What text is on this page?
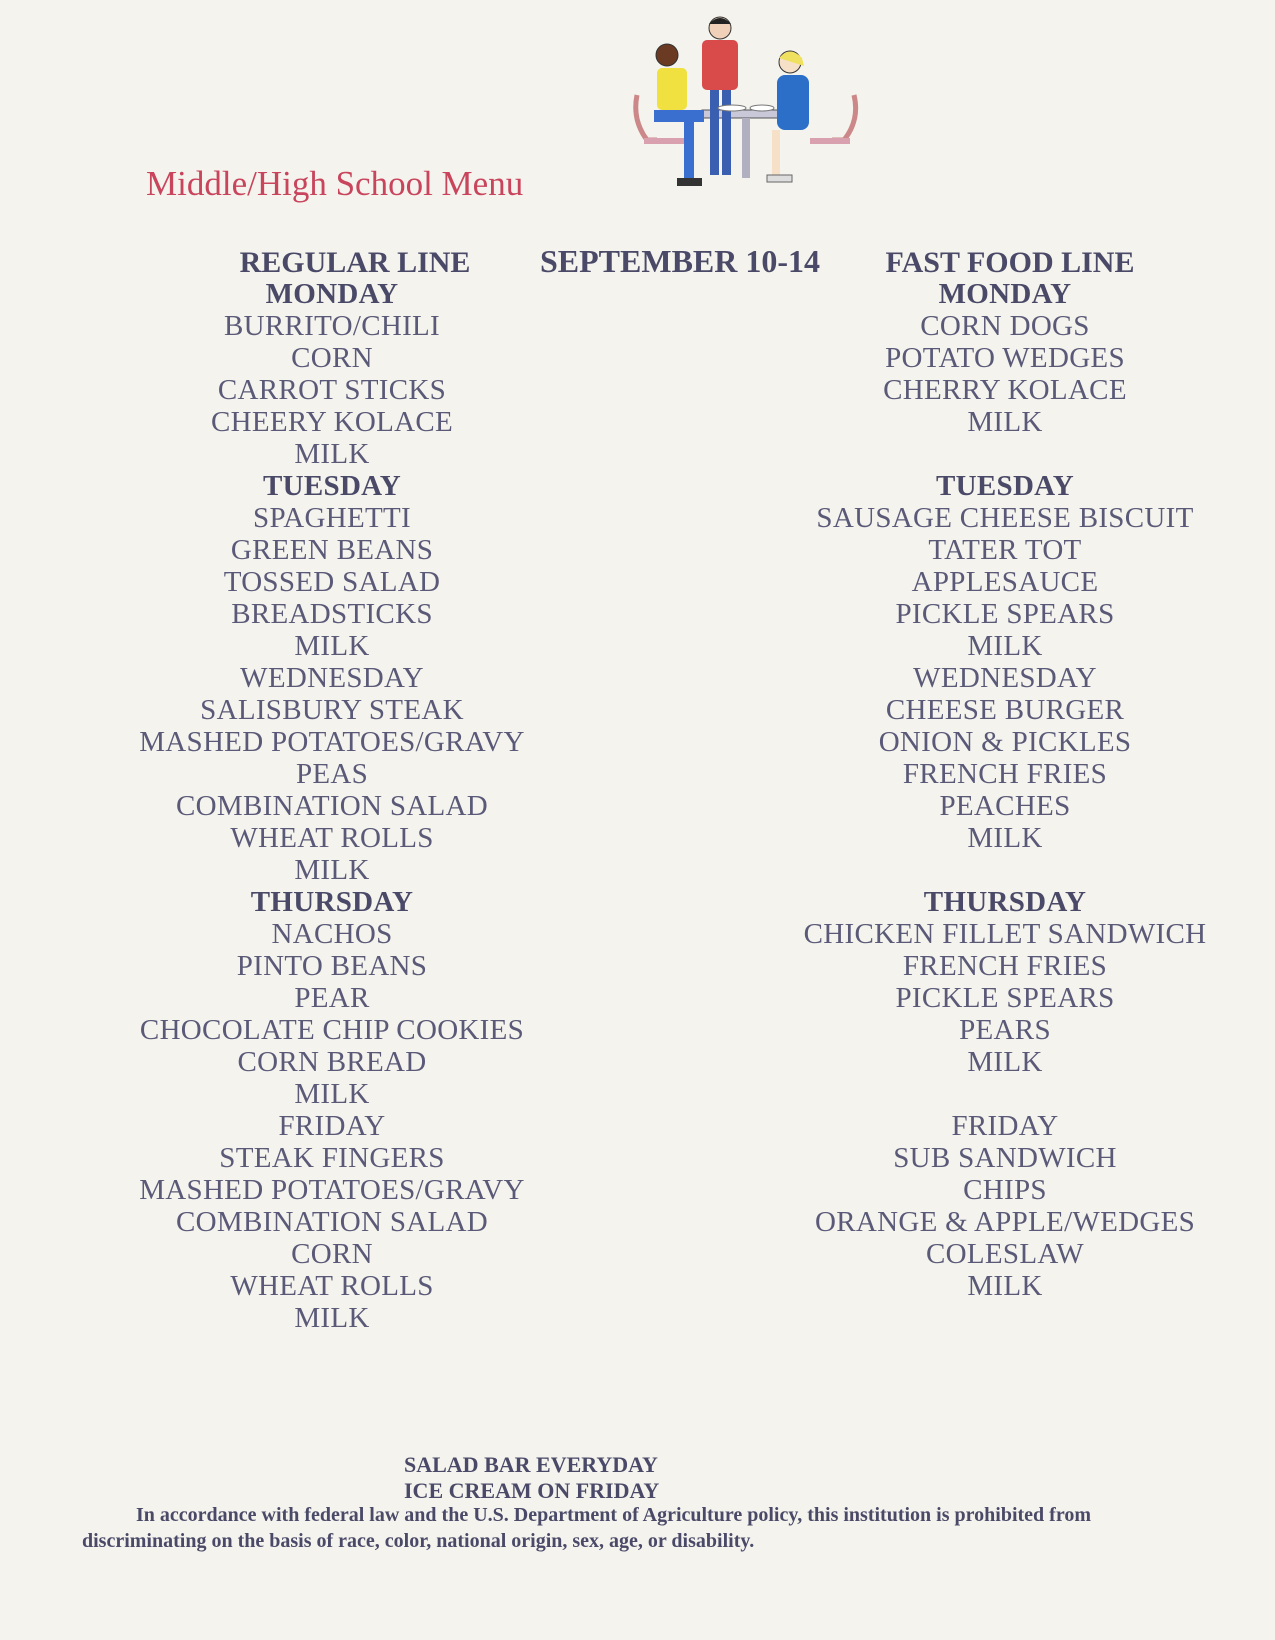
Middle/High School Menu
REGULAR LINE	SEPTEMBER 10-14	FAST FOOD LINE
MONDAY
BURRITO/CHILI
CORN
CARROT STICKS
CHEERY KOLACE
MILK
TUESDAY
SPAGHETTI
GREEN BEANS
TOSSED SALAD
BREADSTICKS
MILK
WEDNESDAY
SALISBURY STEAK
MASHED POTATOES/GRAVY
PEAS
COMBINATION SALAD
WHEAT ROLLS
MILK
THURSDAY
NACHOS
PINTO BEANS
PEAR
CHOCOLATE CHIP COOKIES
CORN BREAD
MILK
FRIDAY
STEAK FINGERS
MASHED POTATOES/GRAVY
COMBINATION SALAD
CORN
WHEAT ROLLS
MILK
MONDAY
CORN DOGS
POTATO WEDGES
CHERRY KOLACE
MILK
TUESDAY
SAUSAGE CHEESE BISCUIT
TATER TOT
APPLESAUCE
PICKLE SPEARS
MILK
WEDNESDAY
CHEESE BURGER
ONION & PICKLES
FRENCH FRIES
PEACHES
MILK
THURSDAY
CHICKEN FILLET SANDWICH
FRENCH FRIES
PICKLE SPEARS
PEARS
MILK
FRIDAY
SUB SANDWICH
CHIPS
ORANGE & APPLE/WEDGES
COLESLAW
MILK
SALAD BAR EVERYDAY
ICE CREAM ON FRIDAY
In accordance with federal law and the U.S. Department of Agriculture policy, this institution is prohibited from
discriminating on the basis of race, color, national origin, sex, age, or disability.
